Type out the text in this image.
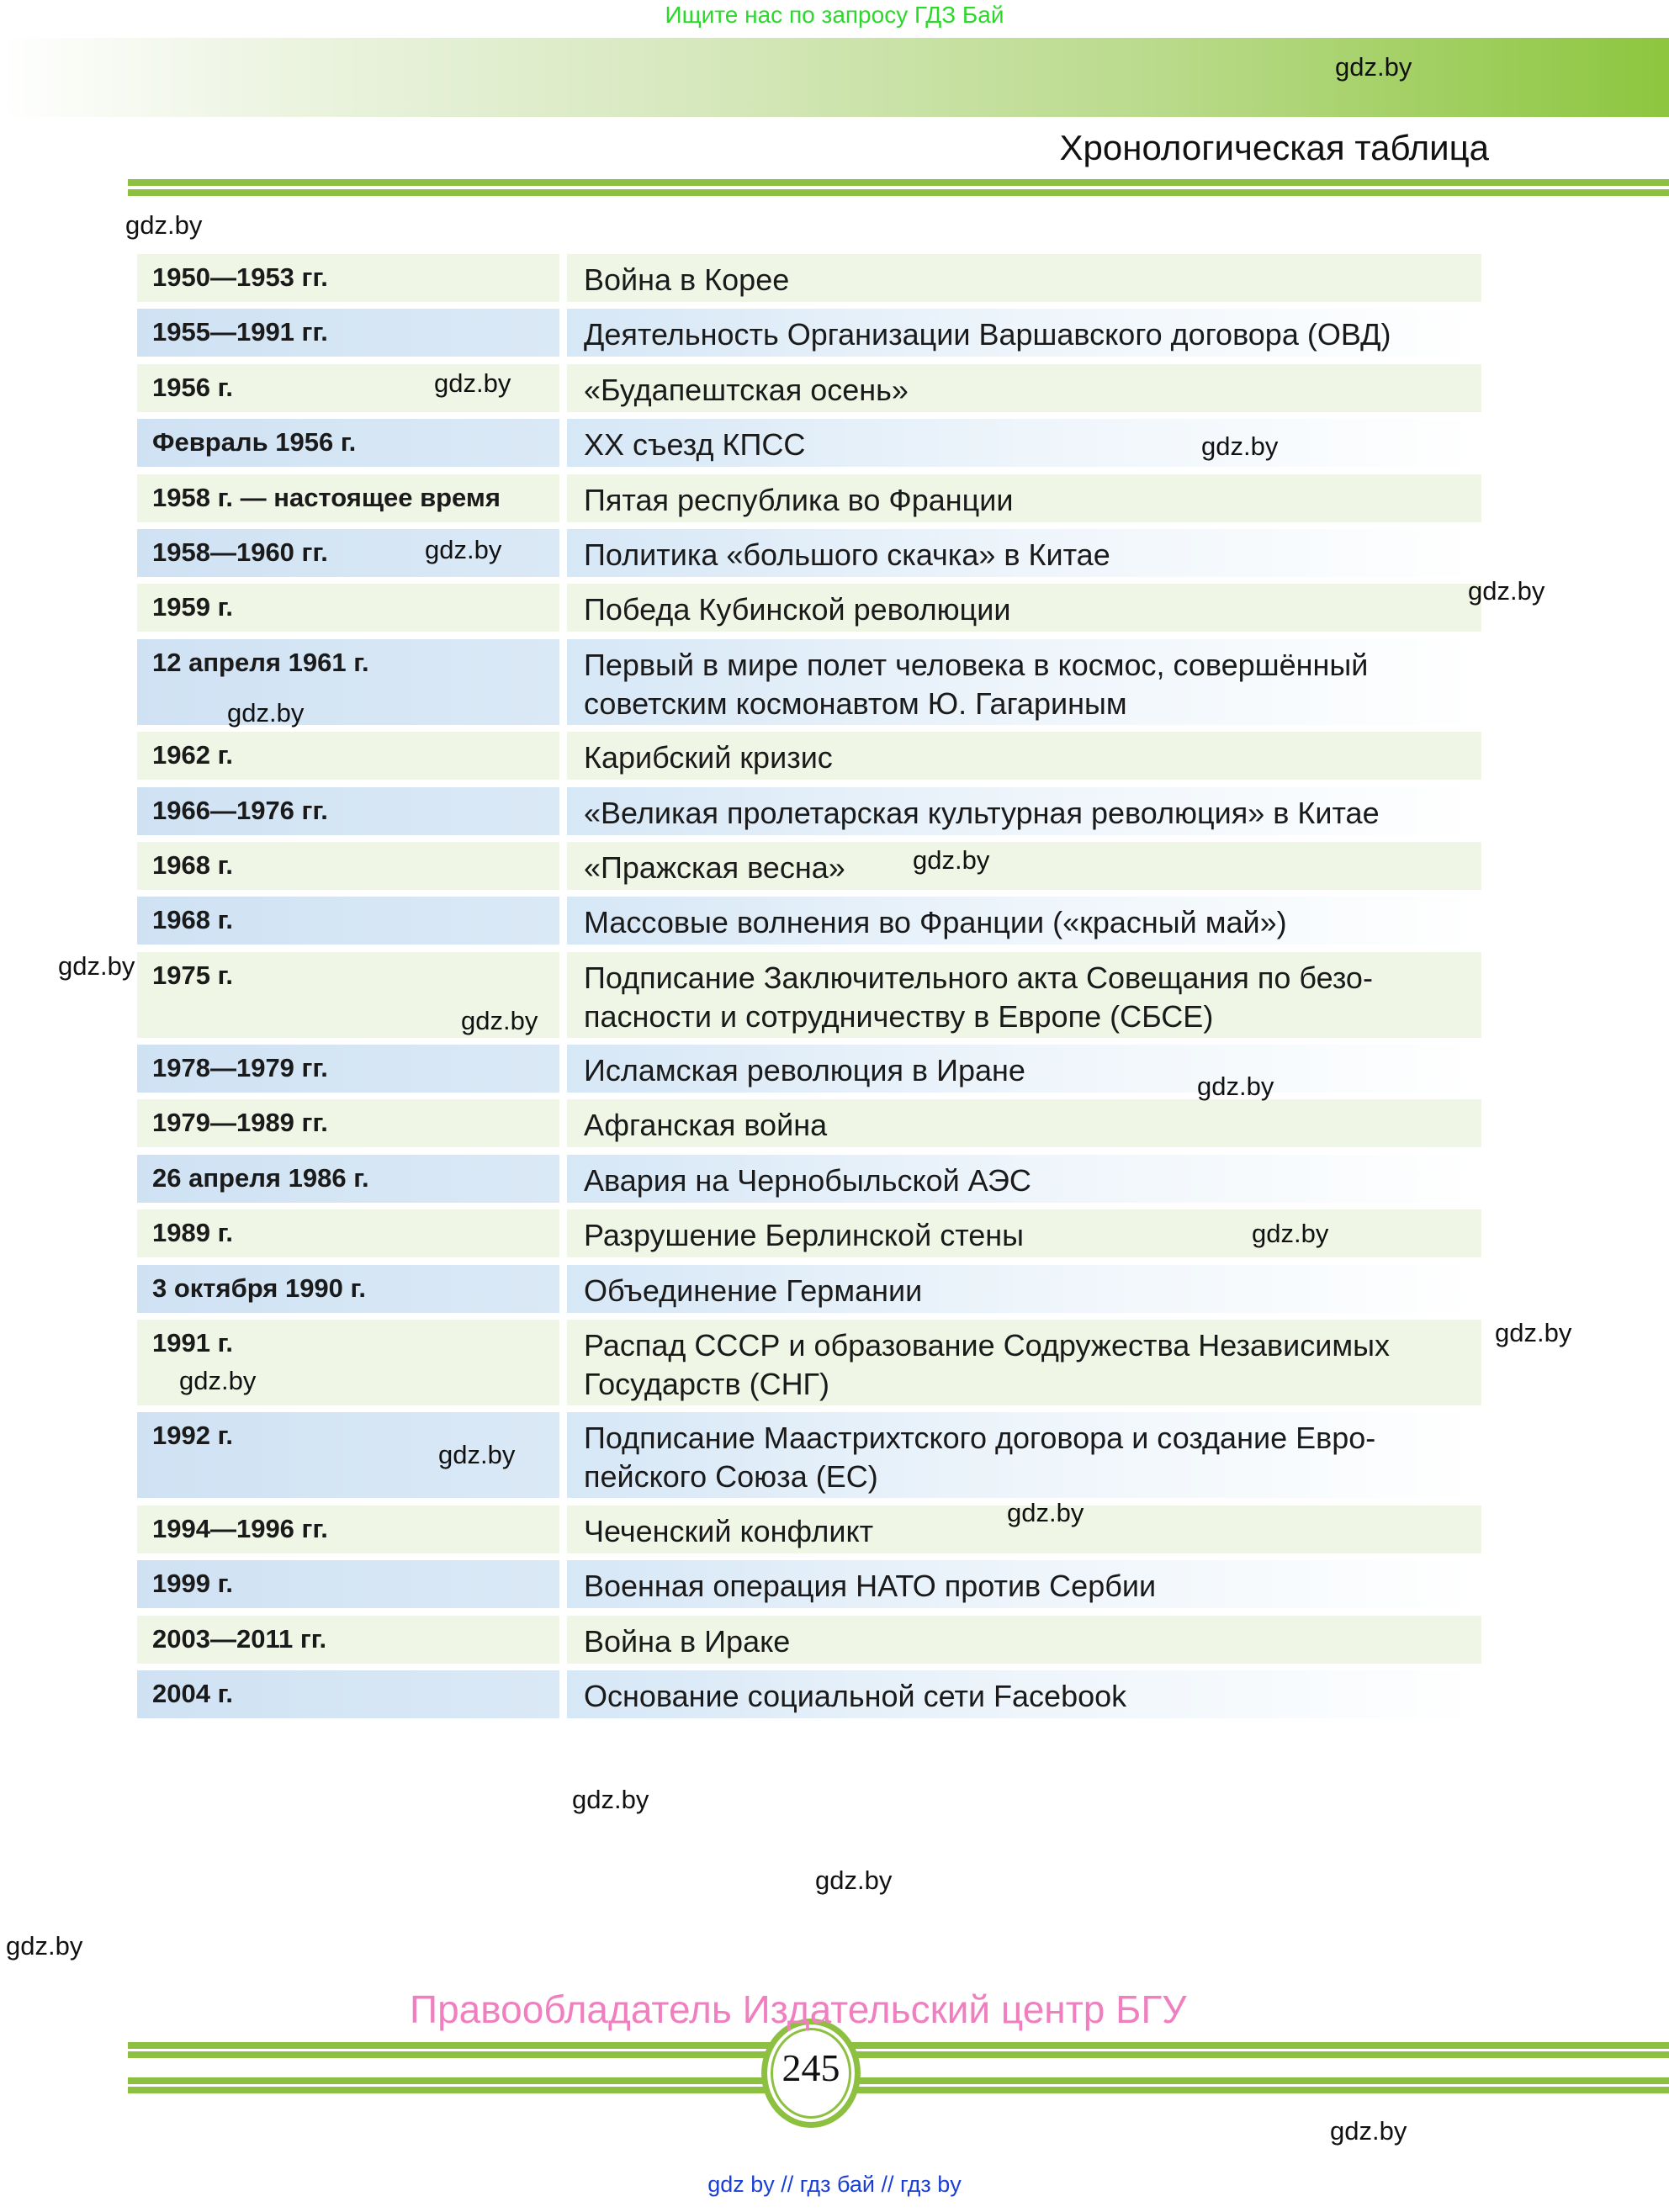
Ищите нас по запросу ГДЗ Бай
Хронологическая таблица
1950—1953 гг.	Война в Корее
1955—1991 гг.	Деятельность Организации Варшавского договора (ОВД)
1956 г.	«Будапештская осень»
Февраль 1956 г.	XX съезд КПСС
1958 г. — настоящее время	Пятая республика во Франции
1958—1960 гг.	Политика «большого скачка» в Китае
1959 г.	Победа Кубинской революции
12 апреля 1961 г.	Первый в мире полет человека в космос, совершённый советским космонавтом Ю. Гагариным
1962 г.	Карибский кризис
1966—1976 гг.	«Великая пролетарская культурная революция» в Китае
1968 г.	«Пражская весна»
1968 г.	Массовые волнения во Франции («красный май»)
1975 г.	Подписание Заключительного акта Совещания по безо-пасности и сотрудничеству в Европе (СБСЕ)
1978—1979 гг.	Исламская революция в Иране
1979—1989 гг.	Афганская война
26 апреля 1986 г.	Авария на Чернобыльской АЭС
1989 г.	Разрушение Берлинской стены
3 октября 1990 г.	Объединение Германии
1991 г.	Распад СССР и образование Содружества Независимых Государств (СНГ)
1992 г.	Подписание Маастрихтского договора и создание Евро-пейского Союза (ЕС)
1994—1996 гг.	Чеченский конфликт
1999 г.	Военная операция НАТО против Сербии
2003—2011 гг.	Война в Ираке
2004 г.	Основание социальной сети Facebook
gdz.by
gdz.by
gdz.by
gdz.by
gdz.by
gdz.by
gdz.by
gdz.by
gdz.by
gdz.by
gdz.by
gdz.by
gdz.by
gdz.by
gdz.by
gdz.by
gdz.by
gdz.by
gdz.by
gdz.by
245
Правообладатель Издательский центр БГУ
gdz by // гдз бай // гдз by
